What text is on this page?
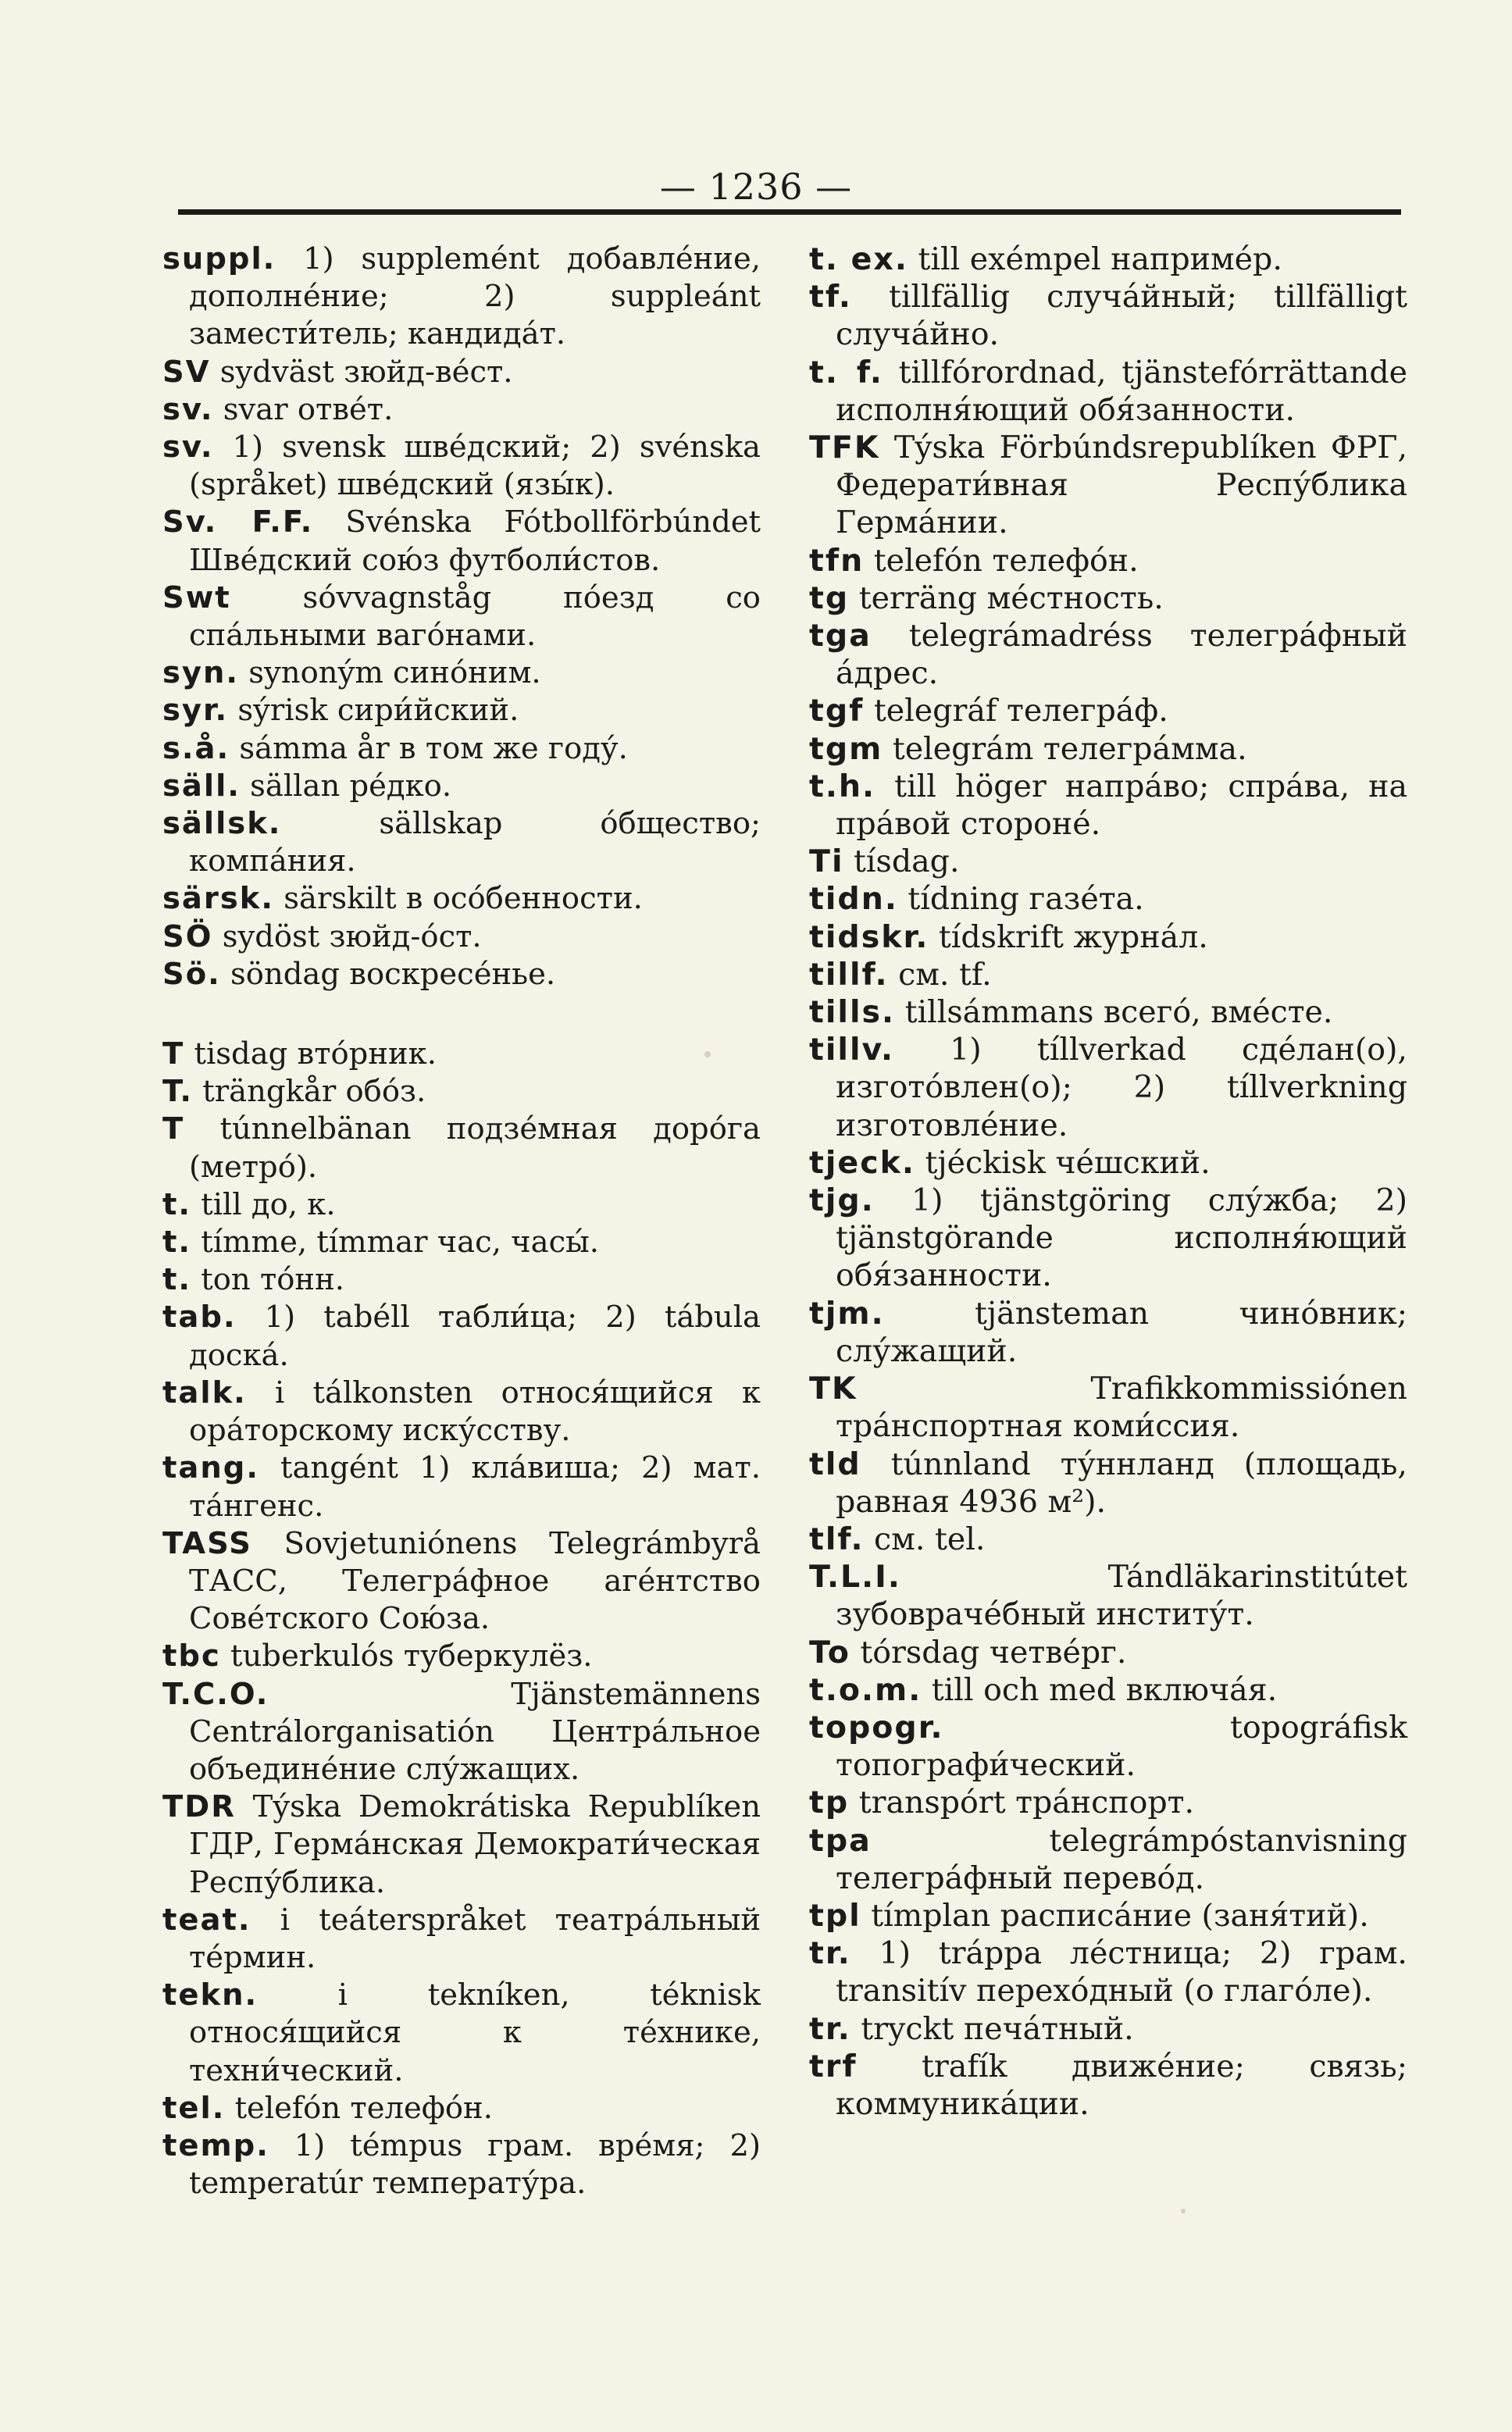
— 1236 —
suppl. 1) supplemént добавле́ние, дополне́ние; 2) suppleánt замести́тель; кандида́т.
SV sydväst зюйд-ве́ст.
sv. svar отве́т.
sv. 1) svensk шве́дский; 2) svénska (språket) шве́дский (язы́к).
Sv. F.F. Svénska Fótbollförbúndet Шве́дский сою́з футболи́стов.
Swt sóvvagnståg по́езд со спа́льными ваго́нами.
syn. synoným сино́ним.
syr. sýrisk сири́йский.
s.å. sámma år в том же году́.
säll. sällan ре́дко.
sällsk. sällskap о́бщество; компа́ния.
särsk. särskilt в осо́бенности.
SÖ sydöst зюйд-о́ст.
Sö. söndag воскресе́нье.
T tisdag вто́рник.
T. trängkår обо́з.
T túnnelbänan подзе́мная доро́га (метро́).
t. till до, к.
t. tímme, tímmar час, часы́.
t. ton то́нн.
tab. 1) tabéll табли́ца; 2) tábula доска́.
talk. i tálkonsten относя́щийся к ора́торскому иску́сству.
tang. tangént 1) кла́виша; 2) мат. та́нгенс.
TASS Sovjetuniónens Telegrámbyrå ТАСС, Телегра́фное аге́нтство Сове́тского Сою́за.
tbc tuberkulós туберкулёз.
T.C.O. Tjänstemännens Centrálorganisatión Центра́льное объедине́ние слу́жащих.
TDR Týska Demokrátiska Republíken ГДР, Герма́нская Демократи́ческая Респу́блика.
teat. i teáterspråket театра́льный те́рмин.
tekn. i tekníken, téknisk относя́щийся к те́хнике, техни́ческий.
tel. telefón телефо́н.
temp. 1) témpus грам. вре́мя; 2) temperatúr температу́ра.
t. ex. till exémpel наприме́р.
tf. tillfällig случа́йный; tillfälligt случа́йно.
t. f. tillfórordnad, tjänstefórrättande исполня́ющий обя́занности.
TFK Týska Förbúndsrepublíken ФРГ, Федерати́вная Респу́блика Герма́нии.
tfn telefón телефо́н.
tg terräng ме́стность.
tga telegrámadréss телегра́фный а́дрес.
tgf telegráf телегра́ф.
tgm telegrám телегра́мма.
t.h. till höger напра́во; спра́ва, на пра́вой стороне́.
Ti tísdag.
tidn. tídning газе́та.
tidskr. tídskrift журна́л.
tillf. см. tf.
tills. tillsámmans всего́, вме́сте.
tillv. 1) tíllverkad сде́лан(о), изгото́влен(о); 2) tíllverkning изготовле́ние.
tjeck. tjéckisk че́шский.
tjg. 1) tjänstgöring слу́жба; 2) tjänstgörande исполня́ющий обя́занности.
tjm. tjänsteman чино́вник; слу́жащий.
TK Trafikkommissiónen тра́нспортная коми́ссия.
tld túnnland ту́ннланд (площадь, равная 4936 м²).
tlf. см. tel.
T.L.I. Tándläkarinstitútet зубовраче́бный институ́т.
To tórsdag четве́рг.
t.o.m. till och med включа́я.
topogr. topográfisk топографи́ческий.
tp transpórt тра́нспорт.
tpa telegrámpóstanvisning телегра́фный перево́д.
tpl tímplan расписа́ние (заня́тий).
tr. 1) tráppa ле́стница; 2) грам. transitív перехо́дный (о глаго́ле).
tr. tryckt печа́тный.
trf trafík движе́ние; связь; коммуника́ции.
